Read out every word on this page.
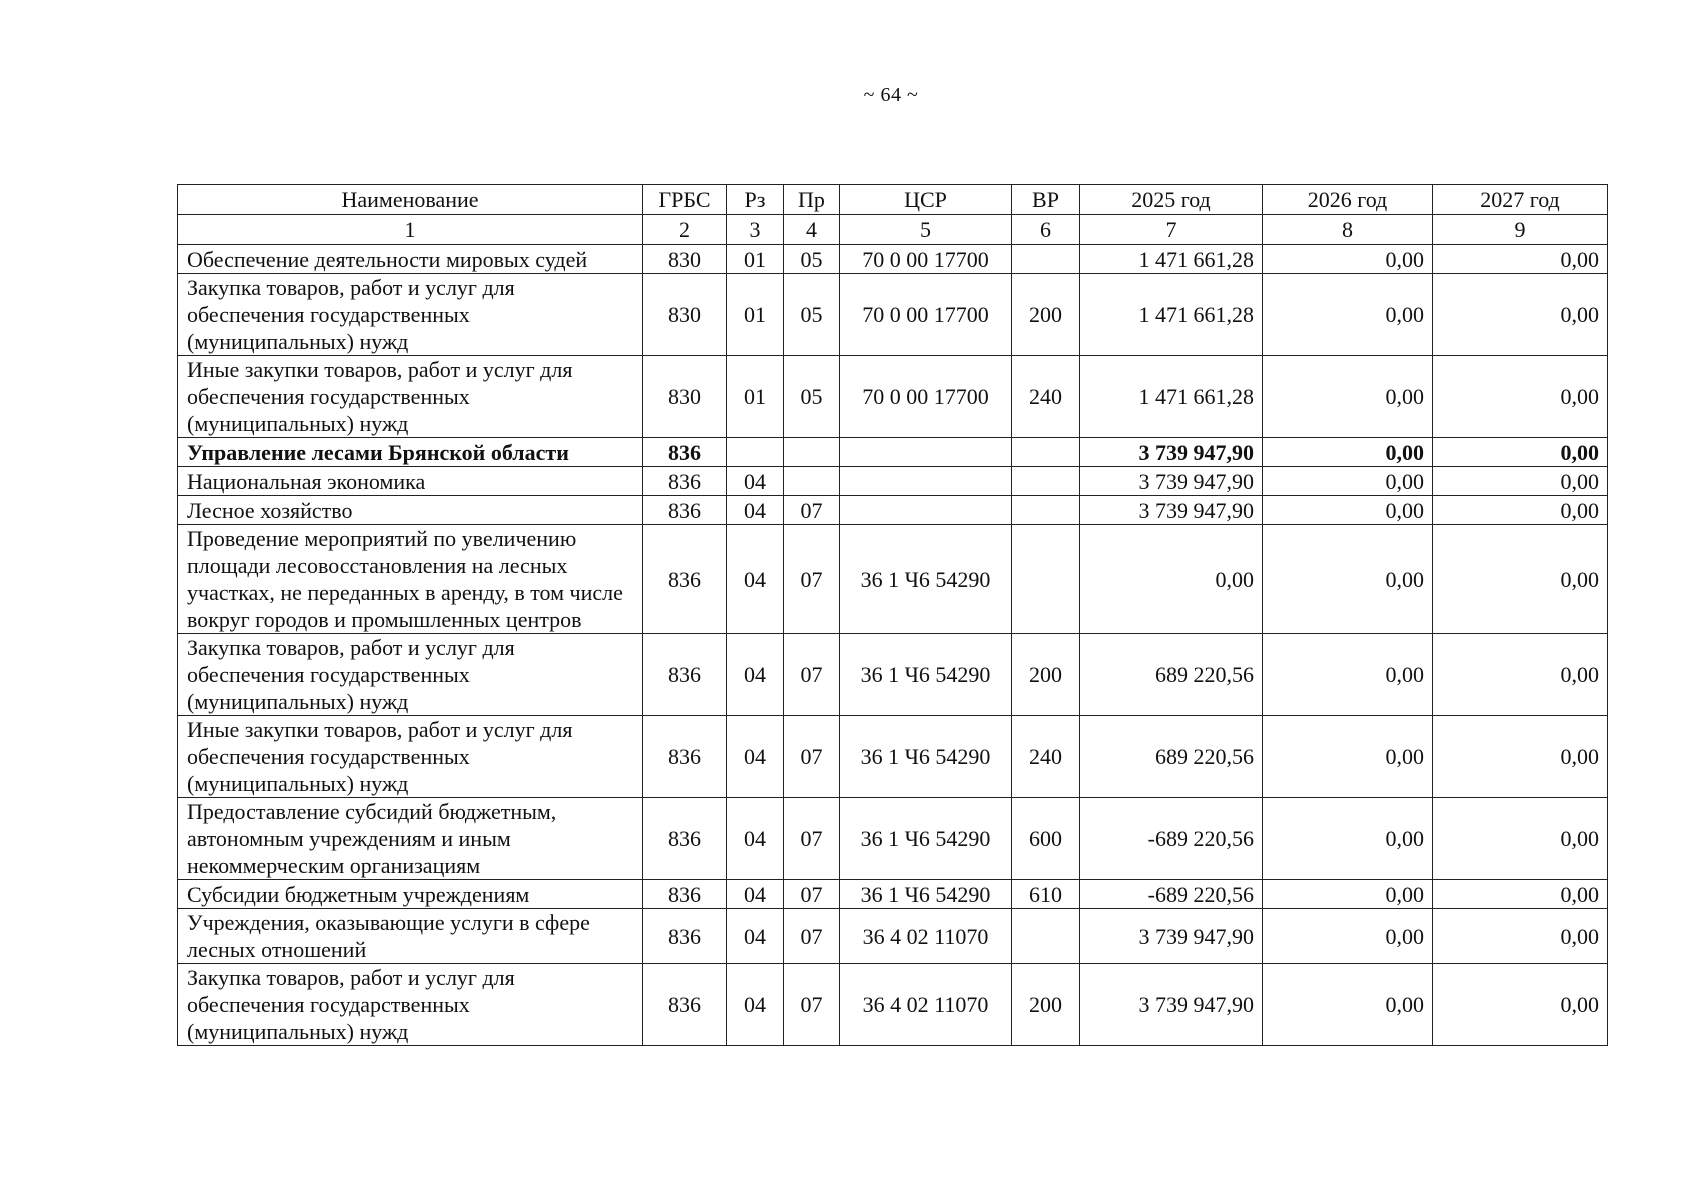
~ 64 ~
Наименование	ГРБС	Рз	Пр	ЦСР	ВР	2025 год	2026 год	2027 год
1	2	3	4	5	6	7	8	9
Обеспечение деятельности мировых судей	830	01	05	70 0 00 17700		1 471 661,28	0,00	0,00
Закупка товаров, работ и услуг для обеспечения государственных (муниципальных) нужд	830	01	05	70 0 00 17700	200	1 471 661,28	0,00	0,00
Иные закупки товаров, работ и услуг для обеспечения государственных (муниципальных) нужд	830	01	05	70 0 00 17700	240	1 471 661,28	0,00	0,00
Управление лесами Брянской области	836					3 739 947,90	0,00	0,00
Национальная экономика	836	04				3 739 947,90	0,00	0,00
Лесное хозяйство	836	04	07			3 739 947,90	0,00	0,00
Проведение мероприятий по увеличению площади лесовосстановления на лесных участках, не переданных в аренду, в том числе вокруг городов и промышленных центров	836	04	07	36 1 Ч6 54290		0,00	0,00	0,00
Закупка товаров, работ и услуг для обеспечения государственных (муниципальных) нужд	836	04	07	36 1 Ч6 54290	200	689 220,56	0,00	0,00
Иные закупки товаров, работ и услуг для обеспечения государственных (муниципальных) нужд	836	04	07	36 1 Ч6 54290	240	689 220,56	0,00	0,00
Предоставление субсидий бюджетным, автономным учреждениям и иным некоммерческим организациям	836	04	07	36 1 Ч6 54290	600	-689 220,56	0,00	0,00
Субсидии бюджетным учреждениям	836	04	07	36 1 Ч6 54290	610	-689 220,56	0,00	0,00
Учреждения, оказывающие услуги в сфере лесных отношений	836	04	07	36 4 02 11070		3 739 947,90	0,00	0,00
Закупка товаров, работ и услуг для обеспечения государственных (муниципальных) нужд	836	04	07	36 4 02 11070	200	3 739 947,90	0,00	0,00
